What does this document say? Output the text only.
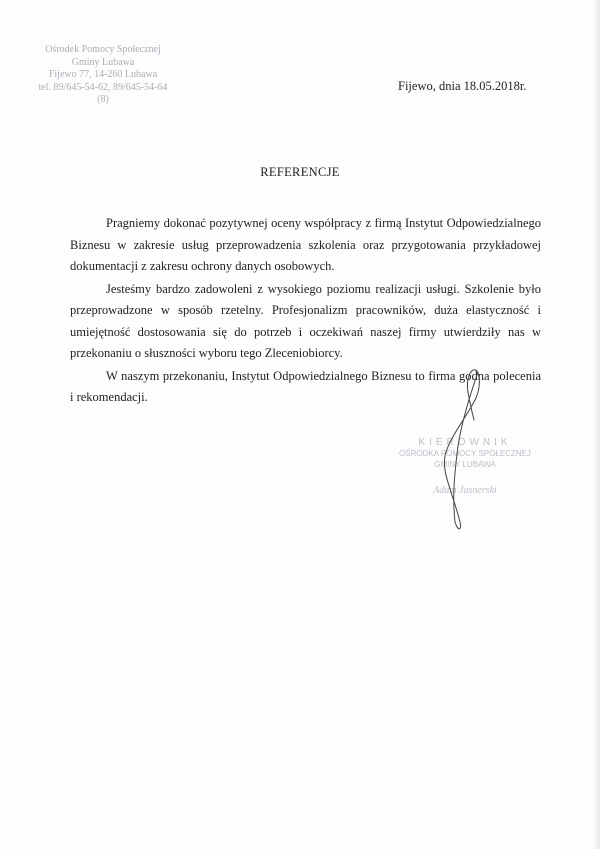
Ośrodek Pomocy Społecznej
Gminy Lubawa
Fijewo 77, 14-260 Lubawa
tel. 89/645-54-62, 89/645-54-64
(8)
Fijewo, dnia 18.05.2018r.
REFERENCJE

Pragniemy dokonać pozytywnej oceny współpracy z firmą Instytut Odpowiedzialnego Biznesu w zakresie usług przeprowadzenia szkolenia oraz przygotowania przykładowej dokumentacji z zakresu ochrony danych osobowych.

Jesteśmy bardzo zadowoleni z wysokiego poziomu realizacji usługi. Szkolenie było przeprowadzone w sposób rzetelny. Profesjonalizm pracowników, duża elastyczność i umiejętność dostosowania się do potrzeb i oczekiwań naszej firmy utwierdziły nas w przekonaniu o słuszności wyboru tego Zleceniobiorcy.

W naszym przekonaniu, Instytut Odpowiedzialnego Biznesu to firma godna polecenia i rekomendacji.

KIEROWNIK
OŚRODKA POMOCY SPOŁECZNEJ
GMINY LUBAWA
Adam Jasnerski
